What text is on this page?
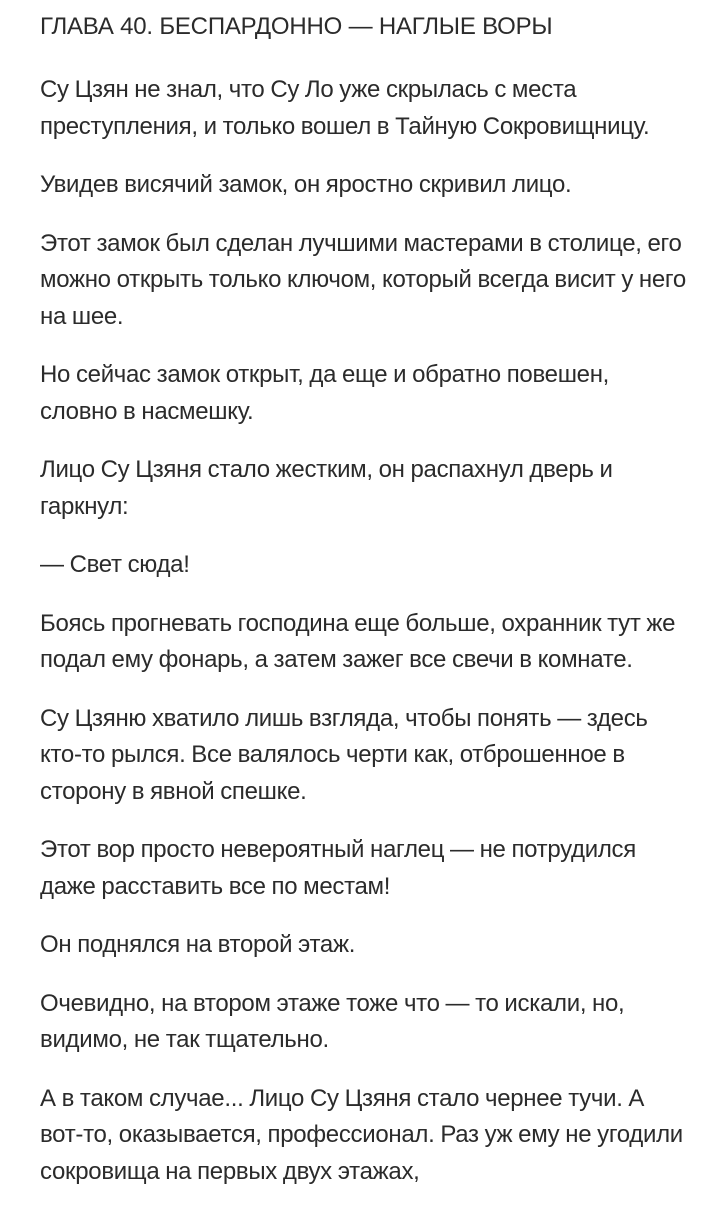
ГЛАВА 40. БЕСПАРДОННО — НАГЛЫЕ ВОРЫ

Су Цзян не знал, что Су Ло уже скрылась с места преступления, и только вошел в Тайную Сокровищницу.

Увидев висячий замок, он яростно скривил лицо.

Этот замок был сделан лучшими мастерами в столице, его можно открыть только ключом, который всегда висит у него на шее.

Но сейчас замок открыт, да еще и обратно повешен, словно в насмешку.

Лицо Су Цзяня стало жестким, он распахнул дверь и гаркнул:

— Свет сюда!

Боясь прогневать господина еще больше, охранник тут же подал ему фонарь, а затем зажег все свечи в комнате.

Су Цзяню хватило лишь взгляда, чтобы понять — здесь кто-то рылся. Все валялось черти как, отброшенное в сторону в явной спешке.

Этот вор просто невероятный наглец — не потрудился даже расставить все по местам!

Он поднялся на второй этаж.

Очевидно, на втором этаже тоже что — то искали, но, видимо, не так тщательно.

А в таком случае... Лицо Су Цзяня стало чернее тучи. А вот-то, оказывается, профессионал. Раз уж ему не угодили сокровища на первых двух этажах,
